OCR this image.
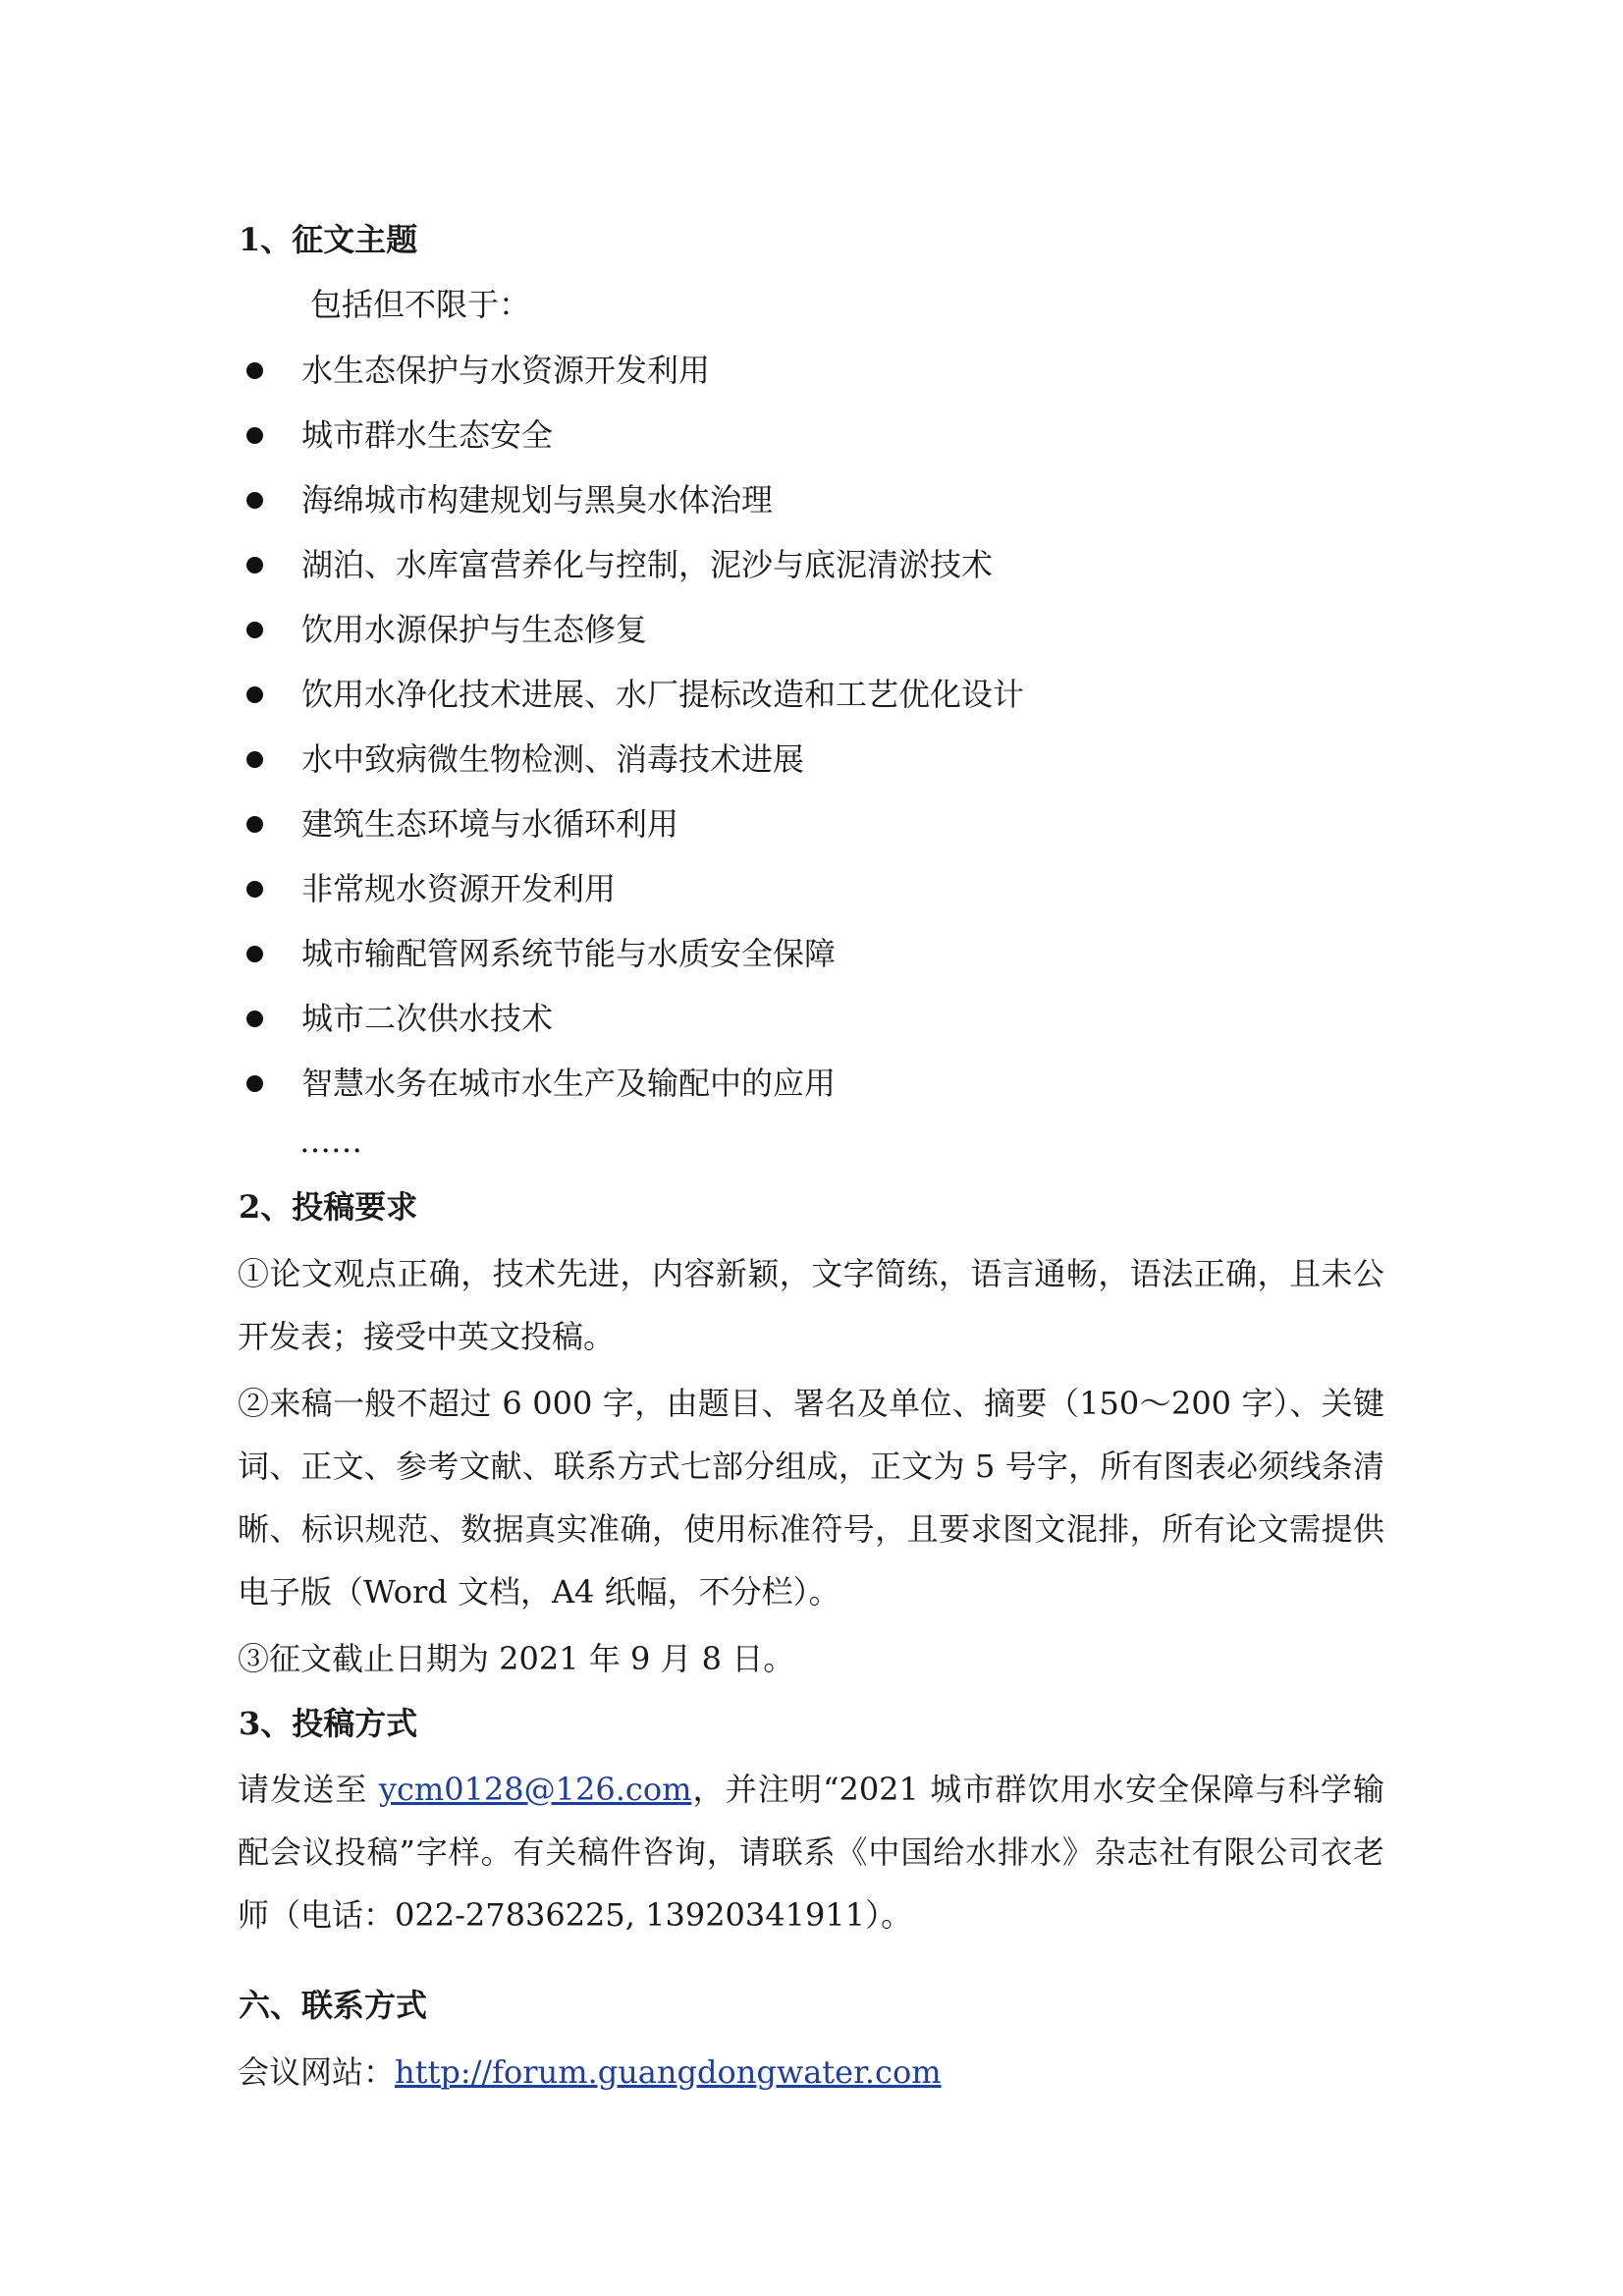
1、征文主题

包括但不限于：

水生态保护与水资源开发利用
城市群水生态安全
海绵城市构建规划与黑臭水体治理
湖泊、水库富营养化与控制，泥沙与底泥清淤技术
饮用水源保护与生态修复
饮用水净化技术进展、水厂提标改造和工艺优化设计
水中致病微生物检测、消毒技术进展
建筑生态环境与水循环利用
非常规水资源开发利用
城市输配管网系统节能与水质安全保障
城市二次供水技术
智慧水务在城市水生产及输配中的应用

……

2、投稿要求

①论文观点正确，技术先进，内容新颖，文字简练，语言通畅，语法正确，且未公开发表；接受中英文投稿。

②来稿一般不超过 6 000 字，由题目、署名及单位、摘要（150～200 字）、关键词、正文、参考文献、联系方式七部分组成，正文为 5 号字，所有图表必须线条清晰、标识规范、数据真实准确，使用标准符号，且要求图文混排，所有论文需提供电子版（Word 文档，A4 纸幅，不分栏）。

③征文截止日期为 2021 年 9 月 8 日。

3、投稿方式

请发送至 ycm0128@126.com，并注明“2021 城市群饮用水安全保障与科学输配会议投稿”字样。有关稿件咨询，请联系《中国给水排水》杂志社有限公司衣老师（电话：022-27836225, 13920341911）。

六、联系方式

会议网站：http://forum.guangdongwater.com
